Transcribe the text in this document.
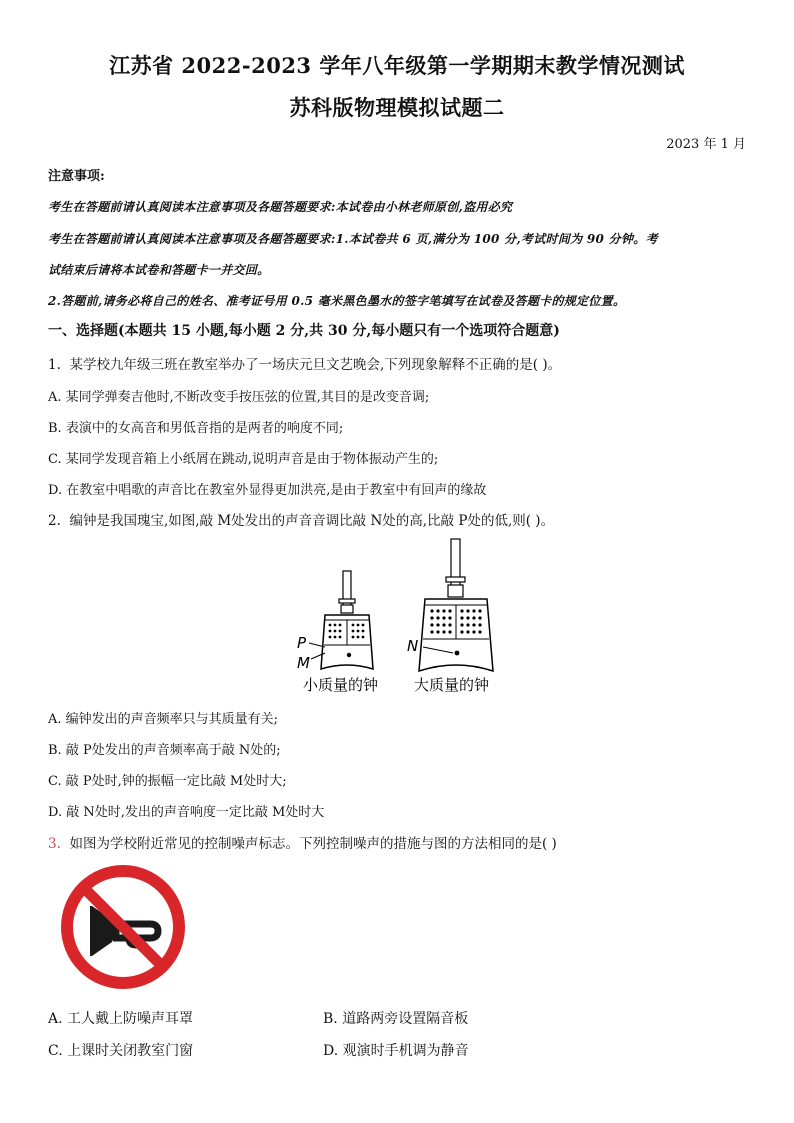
江苏省 2022-2023 学年八年级第一学期期末教学情况测试
苏科版物理模拟试题二
2023 年 1 月
注意事项:
考生在答题前请认真阅读本注意事项及各题答题要求:本试卷由小林老师原创,盗用必究
考生在答题前请认真阅读本注意事项及各题答题要求:1.本试卷共 6 页,满分为 100 分,考试时间为 90 分钟。考
试结束后请将本试卷和答题卡一并交回。
2.答题前,请务必将自己的姓名、准考证号用 0.5 毫米黑色墨水的签字笔填写在试卷及答题卡的规定位置。
一、选择题(本题共 15 小题,每小题 2 分,共 30 分,每小题只有一个选项符合题意)
1. 某学校九年级三班在教室举办了一场庆元旦文艺晚会,下列现象解释不正确的是( )。
A. 某同学弹奏吉他时,不断改变手按压弦的位置,其目的是改变音调;
B. 表演中的女高音和男低音指的是两者的响度不同;
C. 某同学发现音箱上小纸屑在跳动,说明声音是由于物体振动产生的;
D. 在教室中唱歌的声音比在教室外显得更加洪亮,是由于教室中有回声的缘故
2. 编钟是我国瑰宝,如图,敲 M处发出的声音音调比敲 N处的高,比敲 P处的低,则( )。
P
M
小质量的钟
N
大质量的钟
A. 编钟发出的声音频率只与其质量有关;
B. 敲 P处发出的声音频率高于敲 N处的;
C. 敲 P处时,钟的振幅一定比敲 M处时大;
D. 敲 N处时,发出的声音响度一定比敲 M处时大
3. 如图为学校附近常见的控制噪声标志。下列控制噪声的措施与图的方法相同的是( )
A. 工人戴上防噪声耳罩	B. 道路两旁设置隔音板
C. 上课时关闭教室门窗	D. 观演时手机调为静音
